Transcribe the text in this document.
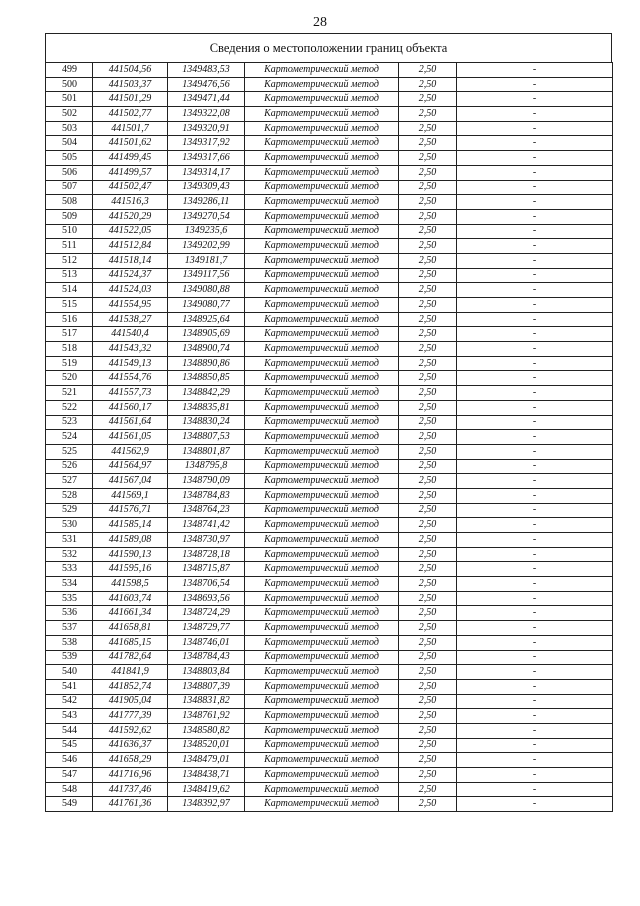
28
Сведения о местоположении границ объекта
499	441504,56	1349483,53	Картометрический метод	2,50	-
500	441503,37	1349476,56	Картометрический метод	2,50	-
501	441501,29	1349471,44	Картометрический метод	2,50	-
502	441502,77	1349322,08	Картометрический метод	2,50	-
503	441501,7	1349320,91	Картометрический метод	2,50	-
504	441501,62	1349317,92	Картометрический метод	2,50	-
505	441499,45	1349317,66	Картометрический метод	2,50	-
506	441499,57	1349314,17	Картометрический метод	2,50	-
507	441502,47	1349309,43	Картометрический метод	2,50	-
508	441516,3	1349286,11	Картометрический метод	2,50	-
509	441520,29	1349270,54	Картометрический метод	2,50	-
510	441522,05	1349235,6	Картометрический метод	2,50	-
511	441512,84	1349202,99	Картометрический метод	2,50	-
512	441518,14	1349181,7	Картометрический метод	2,50	-
513	441524,37	1349117,56	Картометрический метод	2,50	-
514	441524,03	1349080,88	Картометрический метод	2,50	-
515	441554,95	1349080,77	Картометрический метод	2,50	-
516	441538,27	1348925,64	Картометрический метод	2,50	-
517	441540,4	1348905,69	Картометрический метод	2,50	-
518	441543,32	1348900,74	Картометрический метод	2,50	-
519	441549,13	1348890,86	Картометрический метод	2,50	-
520	441554,76	1348850,85	Картометрический метод	2,50	-
521	441557,73	1348842,29	Картометрический метод	2,50	-
522	441560,17	1348835,81	Картометрический метод	2,50	-
523	441561,64	1348830,24	Картометрический метод	2,50	-
524	441561,05	1348807,53	Картометрический метод	2,50	-
525	441562,9	1348801,87	Картометрический метод	2,50	-
526	441564,97	1348795,8	Картометрический метод	2,50	-
527	441567,04	1348790,09	Картометрический метод	2,50	-
528	441569,1	1348784,83	Картометрический метод	2,50	-
529	441576,71	1348764,23	Картометрический метод	2,50	-
530	441585,14	1348741,42	Картометрический метод	2,50	-
531	441589,08	1348730,97	Картометрический метод	2,50	-
532	441590,13	1348728,18	Картометрический метод	2,50	-
533	441595,16	1348715,87	Картометрический метод	2,50	-
534	441598,5	1348706,54	Картометрический метод	2,50	-
535	441603,74	1348693,56	Картометрический метод	2,50	-
536	441661,34	1348724,29	Картометрический метод	2,50	-
537	441658,81	1348729,77	Картометрический метод	2,50	-
538	441685,15	1348746,01	Картометрический метод	2,50	-
539	441782,64	1348784,43	Картометрический метод	2,50	-
540	441841,9	1348803,84	Картометрический метод	2,50	-
541	441852,74	1348807,39	Картометрический метод	2,50	-
542	441905,04	1348831,82	Картометрический метод	2,50	-
543	441777,39	1348761,92	Картометрический метод	2,50	-
544	441592,62	1348580,82	Картометрический метод	2,50	-
545	441636,37	1348520,01	Картометрический метод	2,50	-
546	441658,29	1348479,01	Картометрический метод	2,50	-
547	441716,96	1348438,71	Картометрический метод	2,50	-
548	441737,46	1348419,62	Картометрический метод	2,50	-
549	441761,36	1348392,97	Картометрический метод	2,50	-
